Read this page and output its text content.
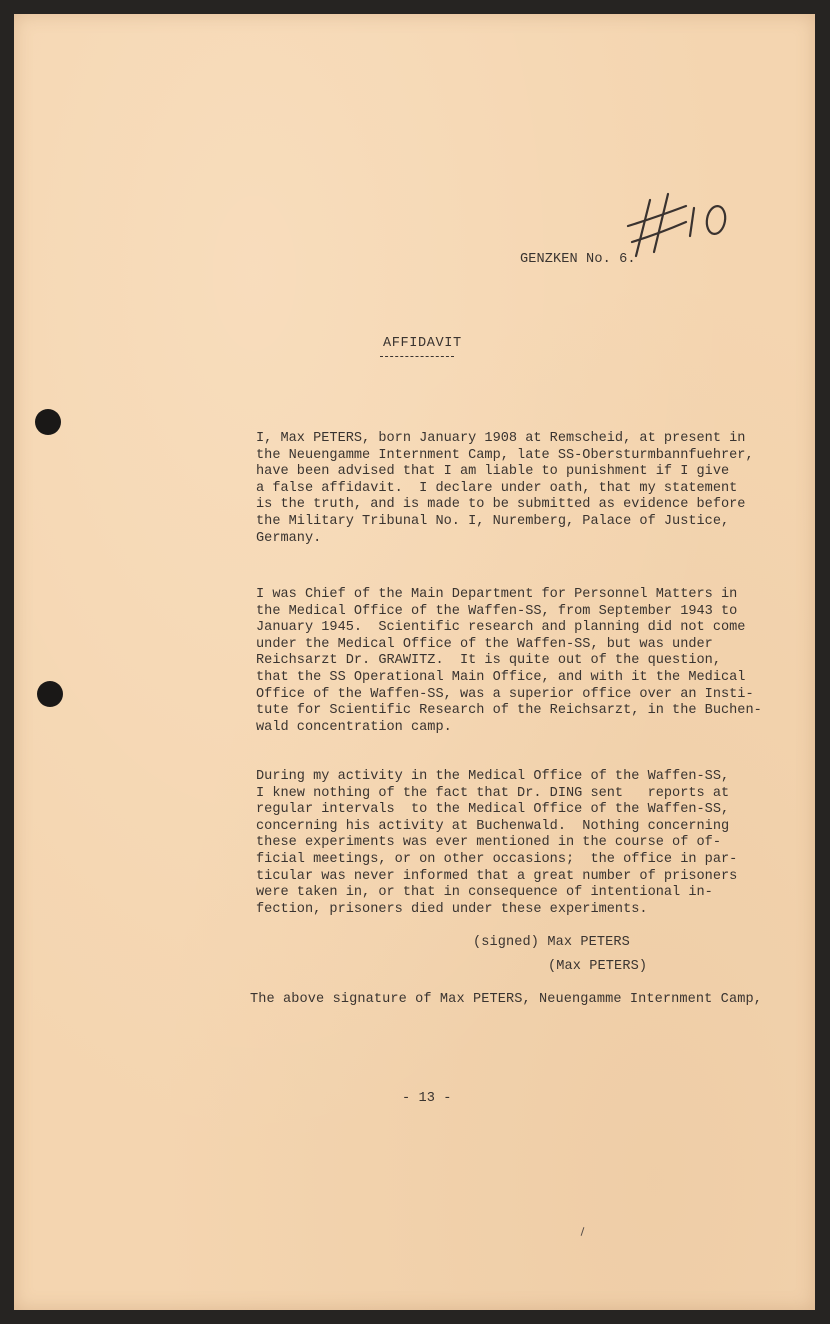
GENZKEN No. 6.
AFFIDAVIT
I, Max PETERS, born January 1908 at Remscheid, at present in
the Neuengamme Internment Camp, late SS-Obersturmbannfuehrer,
have been advised that I am liable to punishment if I give
a false affidavit.  I declare under oath, that my statement
is the truth, and is made to be submitted as evidence before
the Military Tribunal No. I, Nuremberg, Palace of Justice,
Germany.
I was Chief of the Main Department for Personnel Matters in
the Medical Office of the Waffen-SS, from September 1943 to
January 1945.  Scientific research and planning did not come
under the Medical Office of the Waffen-SS, but was under
Reichsarzt Dr. GRAWITZ.  It is quite out of the question,
that the SS Operational Main Office, and with it the Medical
Office of the Waffen-SS, was a superior office over an Insti-
tute for Scientific Research of the Reichsarzt, in the Buchen-
wald concentration camp.
During my activity in the Medical Office of the Waffen-SS,
I knew nothing of the fact that Dr. DING sent   reports at
regular intervals  to the Medical Office of the Waffen-SS,
concerning his activity at Buchenwald.  Nothing concerning
these experiments was ever mentioned in the course of of-
ficial meetings, or on other occasions;  the office in par-
ticular was never informed that a great number of prisoners
were taken in, or that in consequence of intentional in-
fection, prisoners died under these experiments.
(signed) Max PETERS
(Max PETERS)
The above signature of Max PETERS, Neuengamme Internment Camp,
- 13 -
